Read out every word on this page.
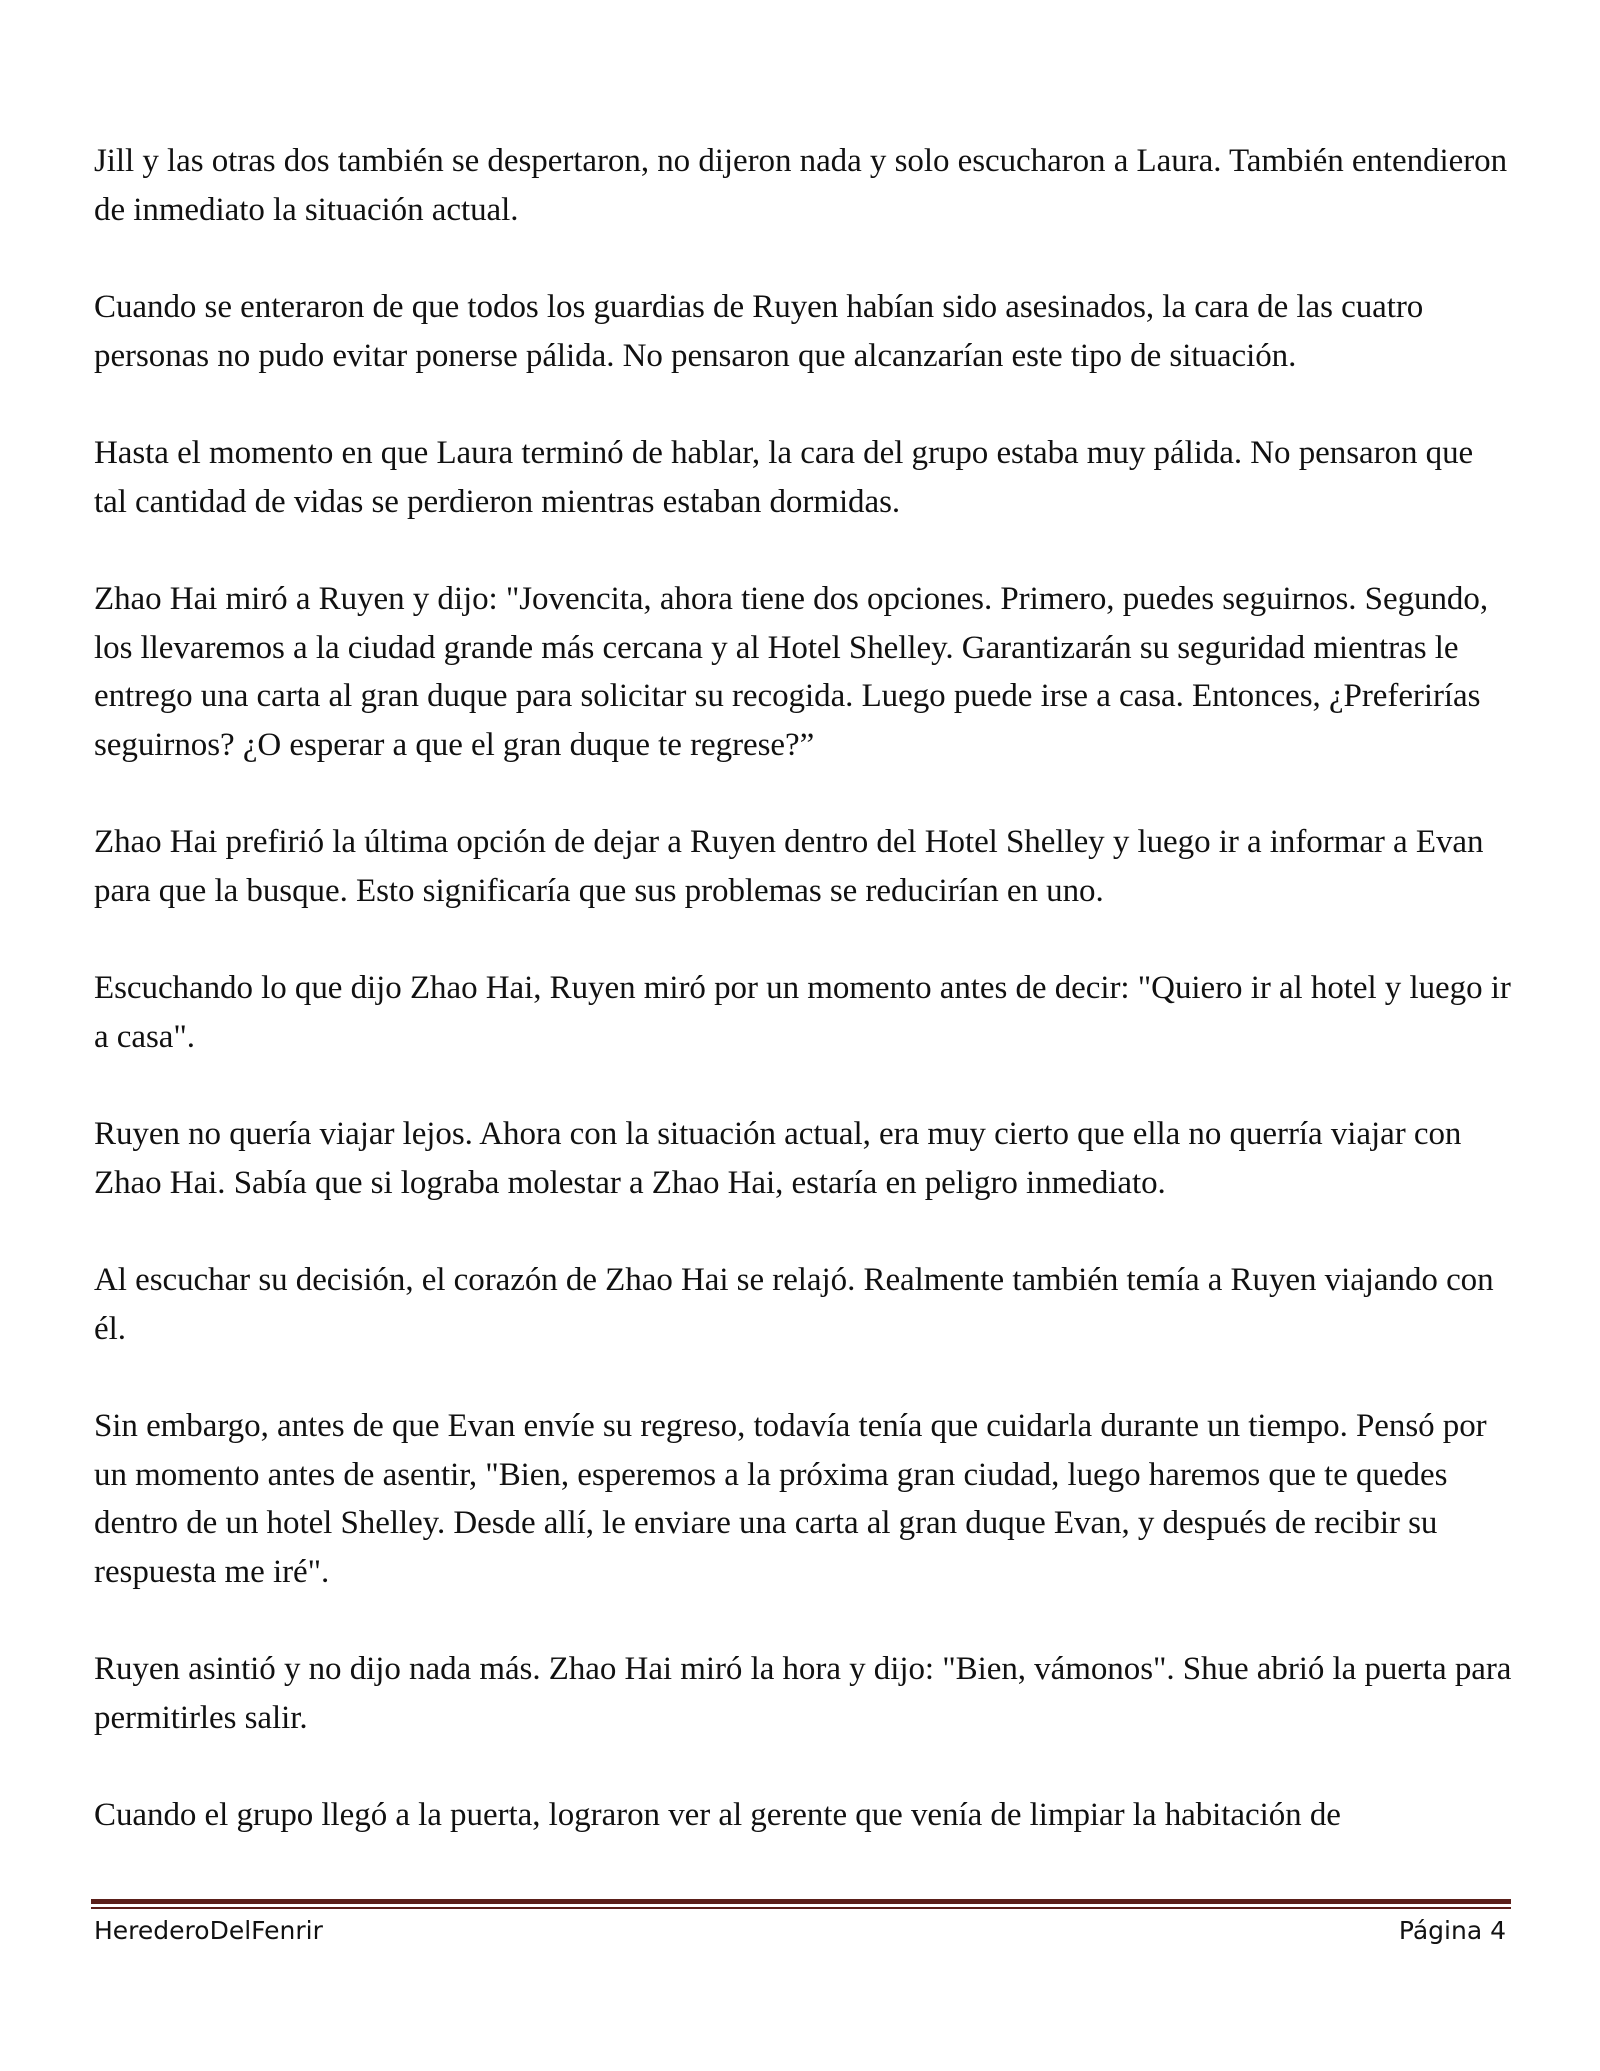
Jill y las otras dos también se despertaron, no dijeron nada y solo escucharon a Laura. También entendieron de inmediato la situación actual.

Cuando se enteraron de que todos los guardias de Ruyen habían sido asesinados, la cara de las cuatro personas no pudo evitar ponerse pálida. No pensaron que alcanzarían este tipo de situación.

Hasta el momento en que Laura terminó de hablar, la cara del grupo estaba muy pálida. No pensaron que tal cantidad de vidas se perdieron mientras estaban dormidas.

Zhao Hai miró a Ruyen y dijo: "Jovencita, ahora tiene dos opciones. Primero, puedes seguirnos. Segundo, los llevaremos a la ciudad grande más cercana y al Hotel Shelley. Garantizarán su seguridad mientras le entrego una carta al gran duque para solicitar su recogida. Luego puede irse a casa. Entonces, ¿Preferirías seguirnos? ¿O esperar a que el gran duque te regrese?”

Zhao Hai prefirió la última opción de dejar a Ruyen dentro del Hotel Shelley y luego ir a informar a Evan para que la busque. Esto significaría que sus problemas se reducirían en uno.

Escuchando lo que dijo Zhao Hai, Ruyen miró por un momento antes de decir: "Quiero ir al hotel y luego ir a casa".

Ruyen no quería viajar lejos. Ahora con la situación actual, era muy cierto que ella no querría viajar con Zhao Hai. Sabía que si lograba molestar a Zhao Hai, estaría en peligro inmediato.

Al escuchar su decisión, el corazón de Zhao Hai se relajó. Realmente también temía a Ruyen viajando con él.

Sin embargo, antes de que Evan envíe su regreso, todavía tenía que cuidarla durante un tiempo. Pensó por un momento antes de asentir, "Bien, esperemos a la próxima gran ciudad, luego haremos que te quedes dentro de un hotel Shelley. Desde allí, le enviare una carta al gran duque Evan, y después de recibir su respuesta me iré".

Ruyen asintió y no dijo nada más. Zhao Hai miró la hora y dijo: "Bien, vámonos". Shue abrió la puerta para permitirles salir.

Cuando el grupo llegó a la puerta, lograron ver al gerente que venía de limpiar la habitación de

HerederoDelFenrir	Página 4
